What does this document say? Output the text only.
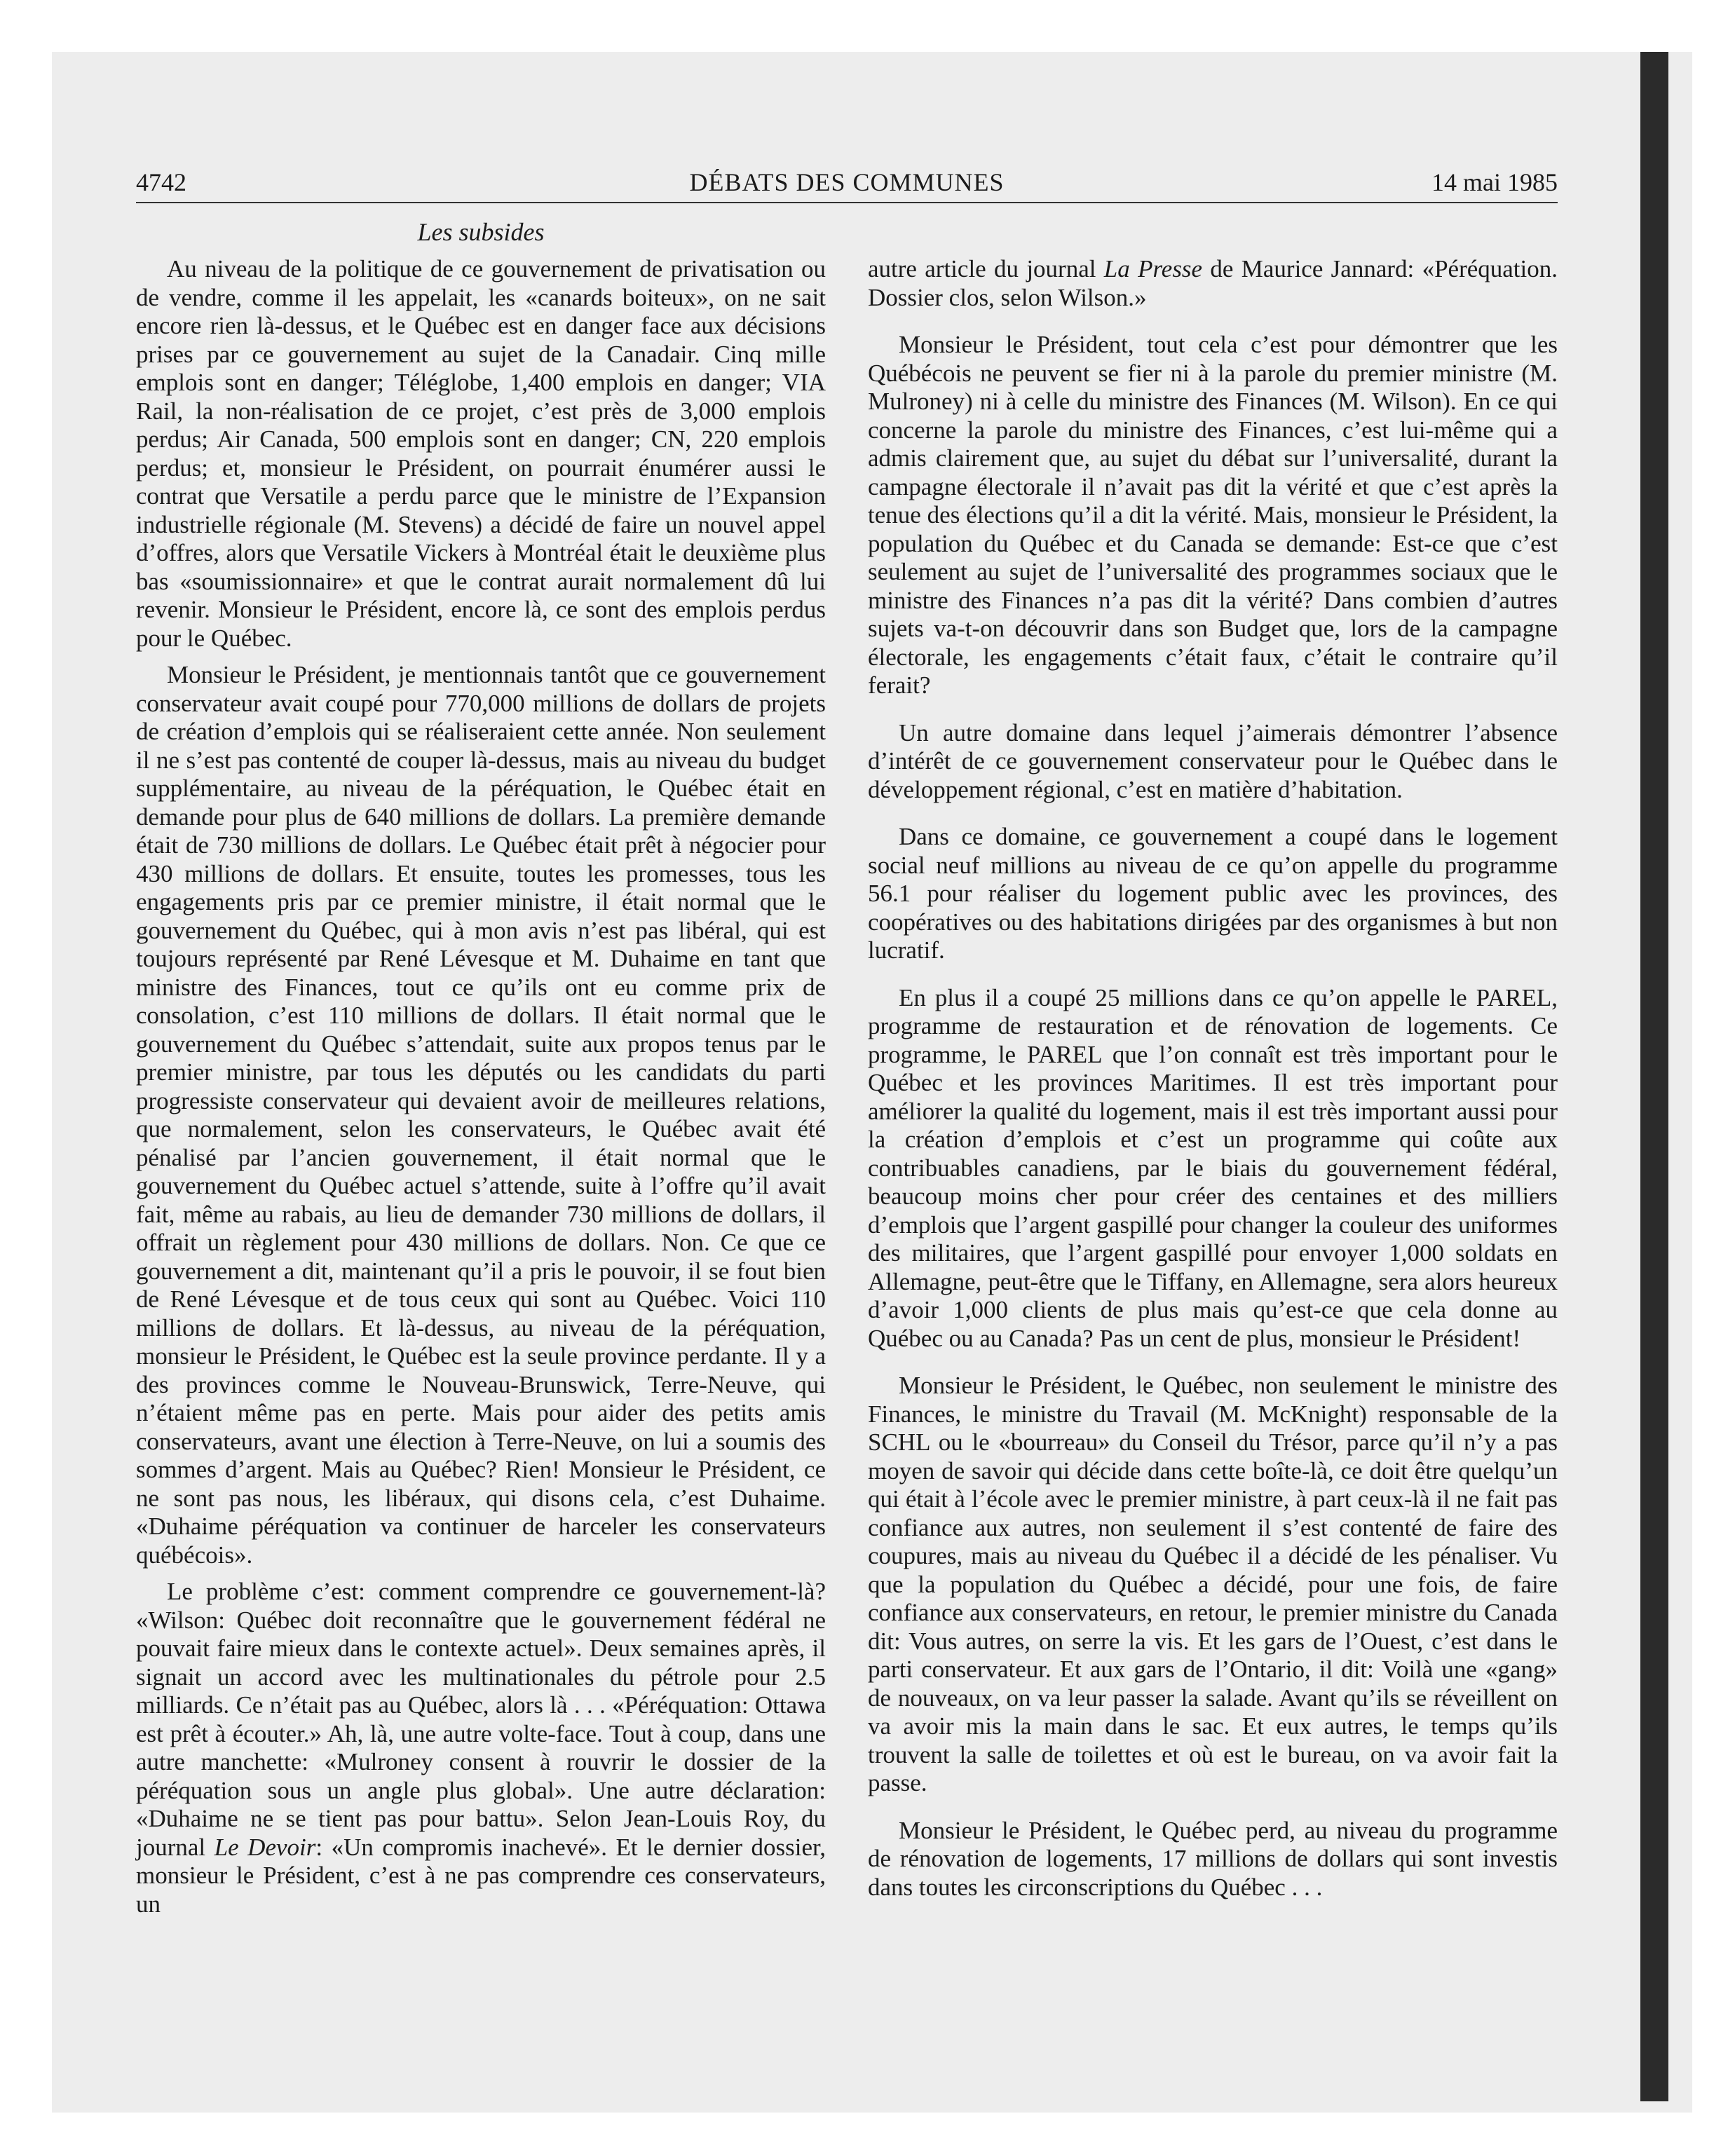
4742	DÉBATS DES COMMUNES	14 mai 1985
Les subsides

Au niveau de la politique de ce gouvernement de privatisation ou de vendre, comme il les appelait, les «canards boiteux», on ne sait encore rien là-dessus, et le Québec est en danger face aux décisions prises par ce gouvernement au sujet de la Canadair. Cinq mille emplois sont en danger; Téléglobe, 1,400 emplois en danger; VIA Rail, la non-réalisation de ce projet, c’est près de 3,000 emplois perdus; Air Canada, 500 emplois sont en danger; CN, 220 emplois perdus; et, monsieur le Président, on pourrait énumérer aussi le contrat que Versatile a perdu parce que le ministre de l’Expansion industrielle régionale (M. Stevens) a décidé de faire un nouvel appel d’offres, alors que Versatile Vickers à Montréal était le deuxième plus bas «soumissionnaire» et que le contrat aurait normalement dû lui revenir. Monsieur le Président, encore là, ce sont des emplois perdus pour le Québec.

Monsieur le Président, je mentionnais tantôt que ce gouvernement conservateur avait coupé pour 770,000 millions de dollars de projets de création d’emplois qui se réaliseraient cette année. Non seulement il ne s’est pas contenté de couper là-dessus, mais au niveau du budget supplémentaire, au niveau de la péréquation, le Québec était en demande pour plus de 640 millions de dollars. La première demande était de 730 millions de dollars. Le Québec était prêt à négocier pour 430 millions de dollars. Et ensuite, toutes les promesses, tous les engagements pris par ce premier ministre, il était normal que le gouvernement du Québec, qui à mon avis n’est pas libéral, qui est toujours représenté par René Lévesque et M. Duhaime en tant que ministre des Finances, tout ce qu’ils ont eu comme prix de consolation, c’est 110 millions de dollars. Il était normal que le gouvernement du Québec s’attendait, suite aux propos tenus par le premier ministre, par tous les députés ou les candidats du parti progressiste conservateur qui devaient avoir de meilleures relations, que normalement, selon les conservateurs, le Québec avait été pénalisé par l’ancien gouvernement, il était normal que le gouvernement du Québec actuel s’attende, suite à l’offre qu’il avait fait, même au rabais, au lieu de demander 730 millions de dollars, il offrait un règlement pour 430 millions de dollars. Non. Ce que ce gouvernement a dit, maintenant qu’il a pris le pouvoir, il se fout bien de René Lévesque et de tous ceux qui sont au Québec. Voici 110 millions de dollars. Et là-dessus, au niveau de la péréquation, monsieur le Président, le Québec est la seule province perdante. Il y a des provinces comme le Nouveau-Brunswick, Terre-Neuve, qui n’étaient même pas en perte. Mais pour aider des petits amis conservateurs, avant une élection à Terre-Neuve, on lui a soumis des sommes d’argent. Mais au Québec? Rien! Monsieur le Président, ce ne sont pas nous, les libéraux, qui disons cela, c’est Duhaime. «Duhaime péréquation va continuer de harceler les conservateurs québécois».

Le problème c’est: comment comprendre ce gouvernement-là? «Wilson: Québec doit reconnaître que le gouvernement fédéral ne pouvait faire mieux dans le contexte actuel». Deux semaines après, il signait un accord avec les multinationales du pétrole pour 2.5 milliards. Ce n’était pas au Québec, alors là . . . «Péréquation: Ottawa est prêt à écouter.» Ah, là, une autre volte-face. Tout à coup, dans une autre manchette: «Mulroney consent à rouvrir le dossier de la péréquation sous un angle plus global». Une autre déclaration: «Duhaime ne se tient pas pour battu». Selon Jean-Louis Roy, du journal Le Devoir: «Un compromis inachevé». Et le dernier dossier, monsieur le Président, c’est à ne pas comprendre ces conservateurs, un

autre article du journal La Presse de Maurice Jannard: «Péréquation. Dossier clos, selon Wilson.»

Monsieur le Président, tout cela c’est pour démontrer que les Québécois ne peuvent se fier ni à la parole du premier ministre (M. Mulroney) ni à celle du ministre des Finances (M. Wilson). En ce qui concerne la parole du ministre des Finances, c’est lui-même qui a admis clairement que, au sujet du débat sur l’universalité, durant la campagne électorale il n’avait pas dit la vérité et que c’est après la tenue des élections qu’il a dit la vérité. Mais, monsieur le Président, la population du Québec et du Canada se demande: Est-ce que c’est seulement au sujet de l’universalité des programmes sociaux que le ministre des Finances n’a pas dit la vérité? Dans combien d’autres sujets va-t-on découvrir dans son Budget que, lors de la campagne électorale, les engagements c’était faux, c’était le contraire qu’il ferait?

Un autre domaine dans lequel j’aimerais démontrer l’absence d’intérêt de ce gouvernement conservateur pour le Québec dans le développement régional, c’est en matière d’habitation.

Dans ce domaine, ce gouvernement a coupé dans le logement social neuf millions au niveau de ce qu’on appelle du programme 56.1 pour réaliser du logement public avec les provinces, des coopératives ou des habitations dirigées par des organismes à but non lucratif.

En plus il a coupé 25 millions dans ce qu’on appelle le PAREL, programme de restauration et de rénovation de logements. Ce programme, le PAREL que l’on connaît est très important pour le Québec et les provinces Maritimes. Il est très important pour améliorer la qualité du logement, mais il est très important aussi pour la création d’emplois et c’est un programme qui coûte aux contribuables canadiens, par le biais du gouvernement fédéral, beaucoup moins cher pour créer des centaines et des milliers d’emplois que l’argent gaspillé pour changer la couleur des uniformes des militaires, que l’argent gaspillé pour envoyer 1,000 soldats en Allemagne, peut-être que le Tiffany, en Allemagne, sera alors heureux d’avoir 1,000 clients de plus mais qu’est-ce que cela donne au Québec ou au Canada? Pas un cent de plus, monsieur le Président!

Monsieur le Président, le Québec, non seulement le ministre des Finances, le ministre du Travail (M. McKnight) responsable de la SCHL ou le «bourreau» du Conseil du Trésor, parce qu’il n’y a pas moyen de savoir qui décide dans cette boîte-là, ce doit être quelqu’un qui était à l’école avec le premier ministre, à part ceux-là il ne fait pas confiance aux autres, non seulement il s’est contenté de faire des coupures, mais au niveau du Québec il a décidé de les pénaliser. Vu que la population du Québec a décidé, pour une fois, de faire confiance aux conservateurs, en retour, le premier ministre du Canada dit: Vous autres, on serre la vis. Et les gars de l’Ouest, c’est dans le parti conservateur. Et aux gars de l’Ontario, il dit: Voilà une «gang» de nouveaux, on va leur passer la salade. Avant qu’ils se réveillent on va avoir mis la main dans le sac. Et eux autres, le temps qu’ils trouvent la salle de toilettes et où est le bureau, on va avoir fait la passe.

Monsieur le Président, le Québec perd, au niveau du programme de rénovation de logements, 17 millions de dollars qui sont investis dans toutes les circonscriptions du Québec . . .
